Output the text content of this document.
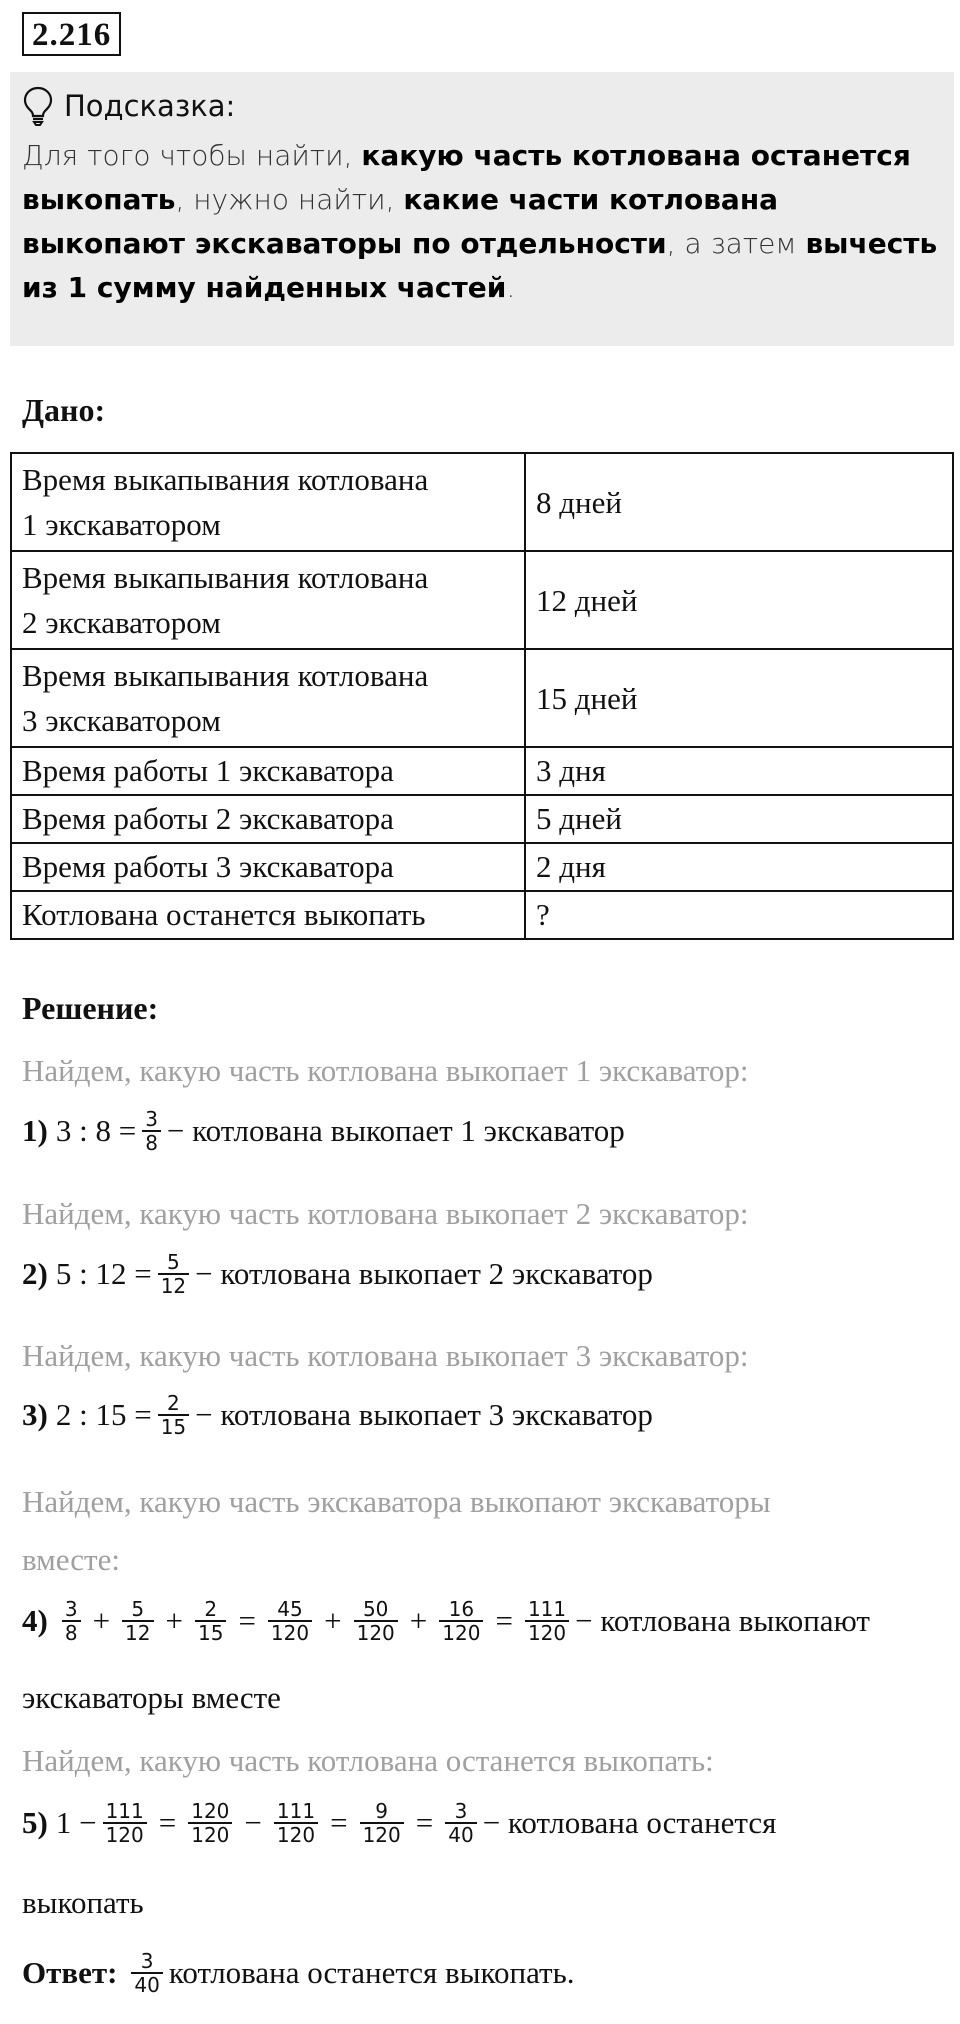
2.216
Подсказка:
Для того чтобы найти, какую часть котлована останется выкопать, нужно найти, какие части котлована выкопают экскаваторы по отдельности, а затем вычесть из 1 сумму найденных частей.
Дано:
Время выкапывания котлована
1 экскаватором	8 дней
Время выкапывания котлована
2 экскаватором	12 дней
Время выкапывания котлована
3 экскаватором	15 дней
Время работы 1 экскаватора	3 дня
Время работы 2 экскаватора	5 дней
Время работы 3 экскаватора	2 дня
Котлована останется выкопать	?
Решение:
Найдем, какую часть котлована выкопает 1 экскаватор:
1) 3 : $8 = \frac{3}{8}$ − котлована выкопает 1 экскаватор
Найдем, какую часть котлована выкопает 2 экскаватор:
2) 5 : $12 = \frac{5}{12}$ − котлована выкопает 2 экскаватор
Найдем, какую часть котлована выкопает 3 экскаватор:
3) 2 : $15 = \frac{2}{15}$ − котлована выкопает 3 экскаватор
Найдем, какую часть экскаватора выкопают экскаваторы
вместе:
$4) \frac{3}{8} + \frac{5}{12} + \frac{2}{15} = \frac{45}{120} + \frac{50}{120} + \frac{16}{120} = \frac{111}{120}$ − котлована выкопают
экскаваторы вместе
Найдем, какую часть котлована останется выкопать:
5) $1 - \frac{111}{120} = \frac{120}{120} - \frac{111}{120} = \frac{9}{120} = \frac{3}{40}$ − котлована останется
выкопать
Ответ: $\frac{3}{40}$ котлована останется выкопать.
